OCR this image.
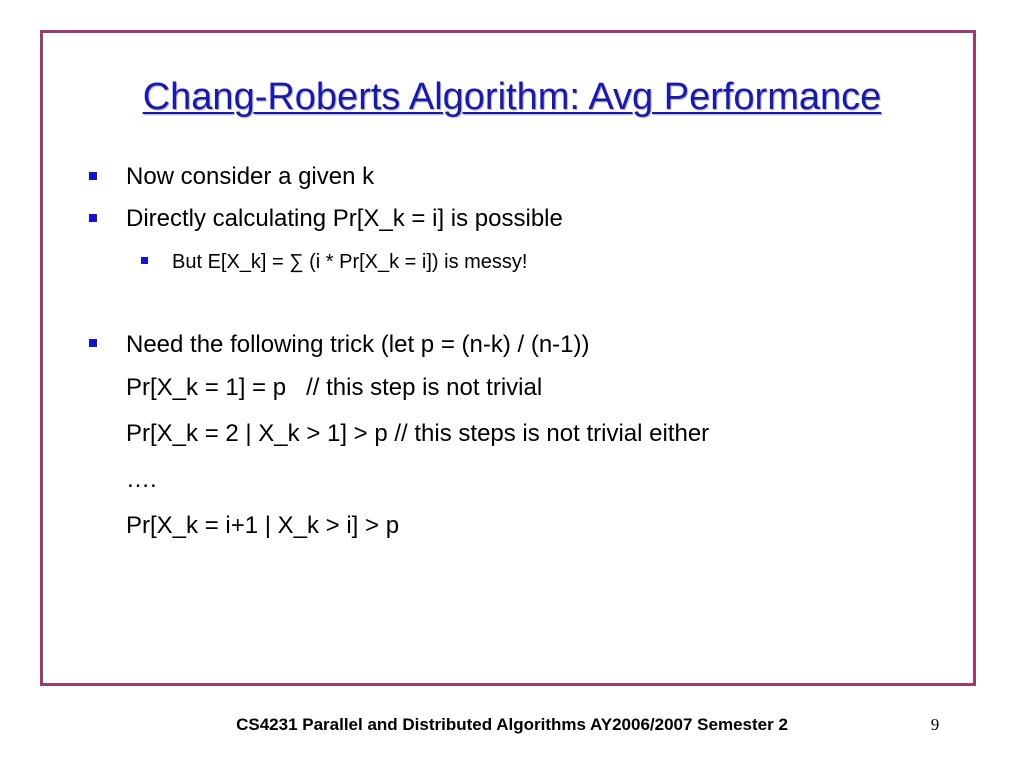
Chang-Roberts Algorithm: Avg Performance
Now consider a given k
Directly calculating Pr[X_k = i] is possible
But E[X_k] = ∑ (i * Pr[X_k = i]) is messy!
Need the following trick (let p = (n-k) / (n-1))
Pr[X_k = 1] = p   // this step is not trivial
Pr[X_k = 2 | X_k > 1] > p // this steps is not trivial either
….
Pr[X_k = i+1 | X_k > i] > p
CS4231 Parallel and Distributed Algorithms AY2006/2007 Semester 2	9
